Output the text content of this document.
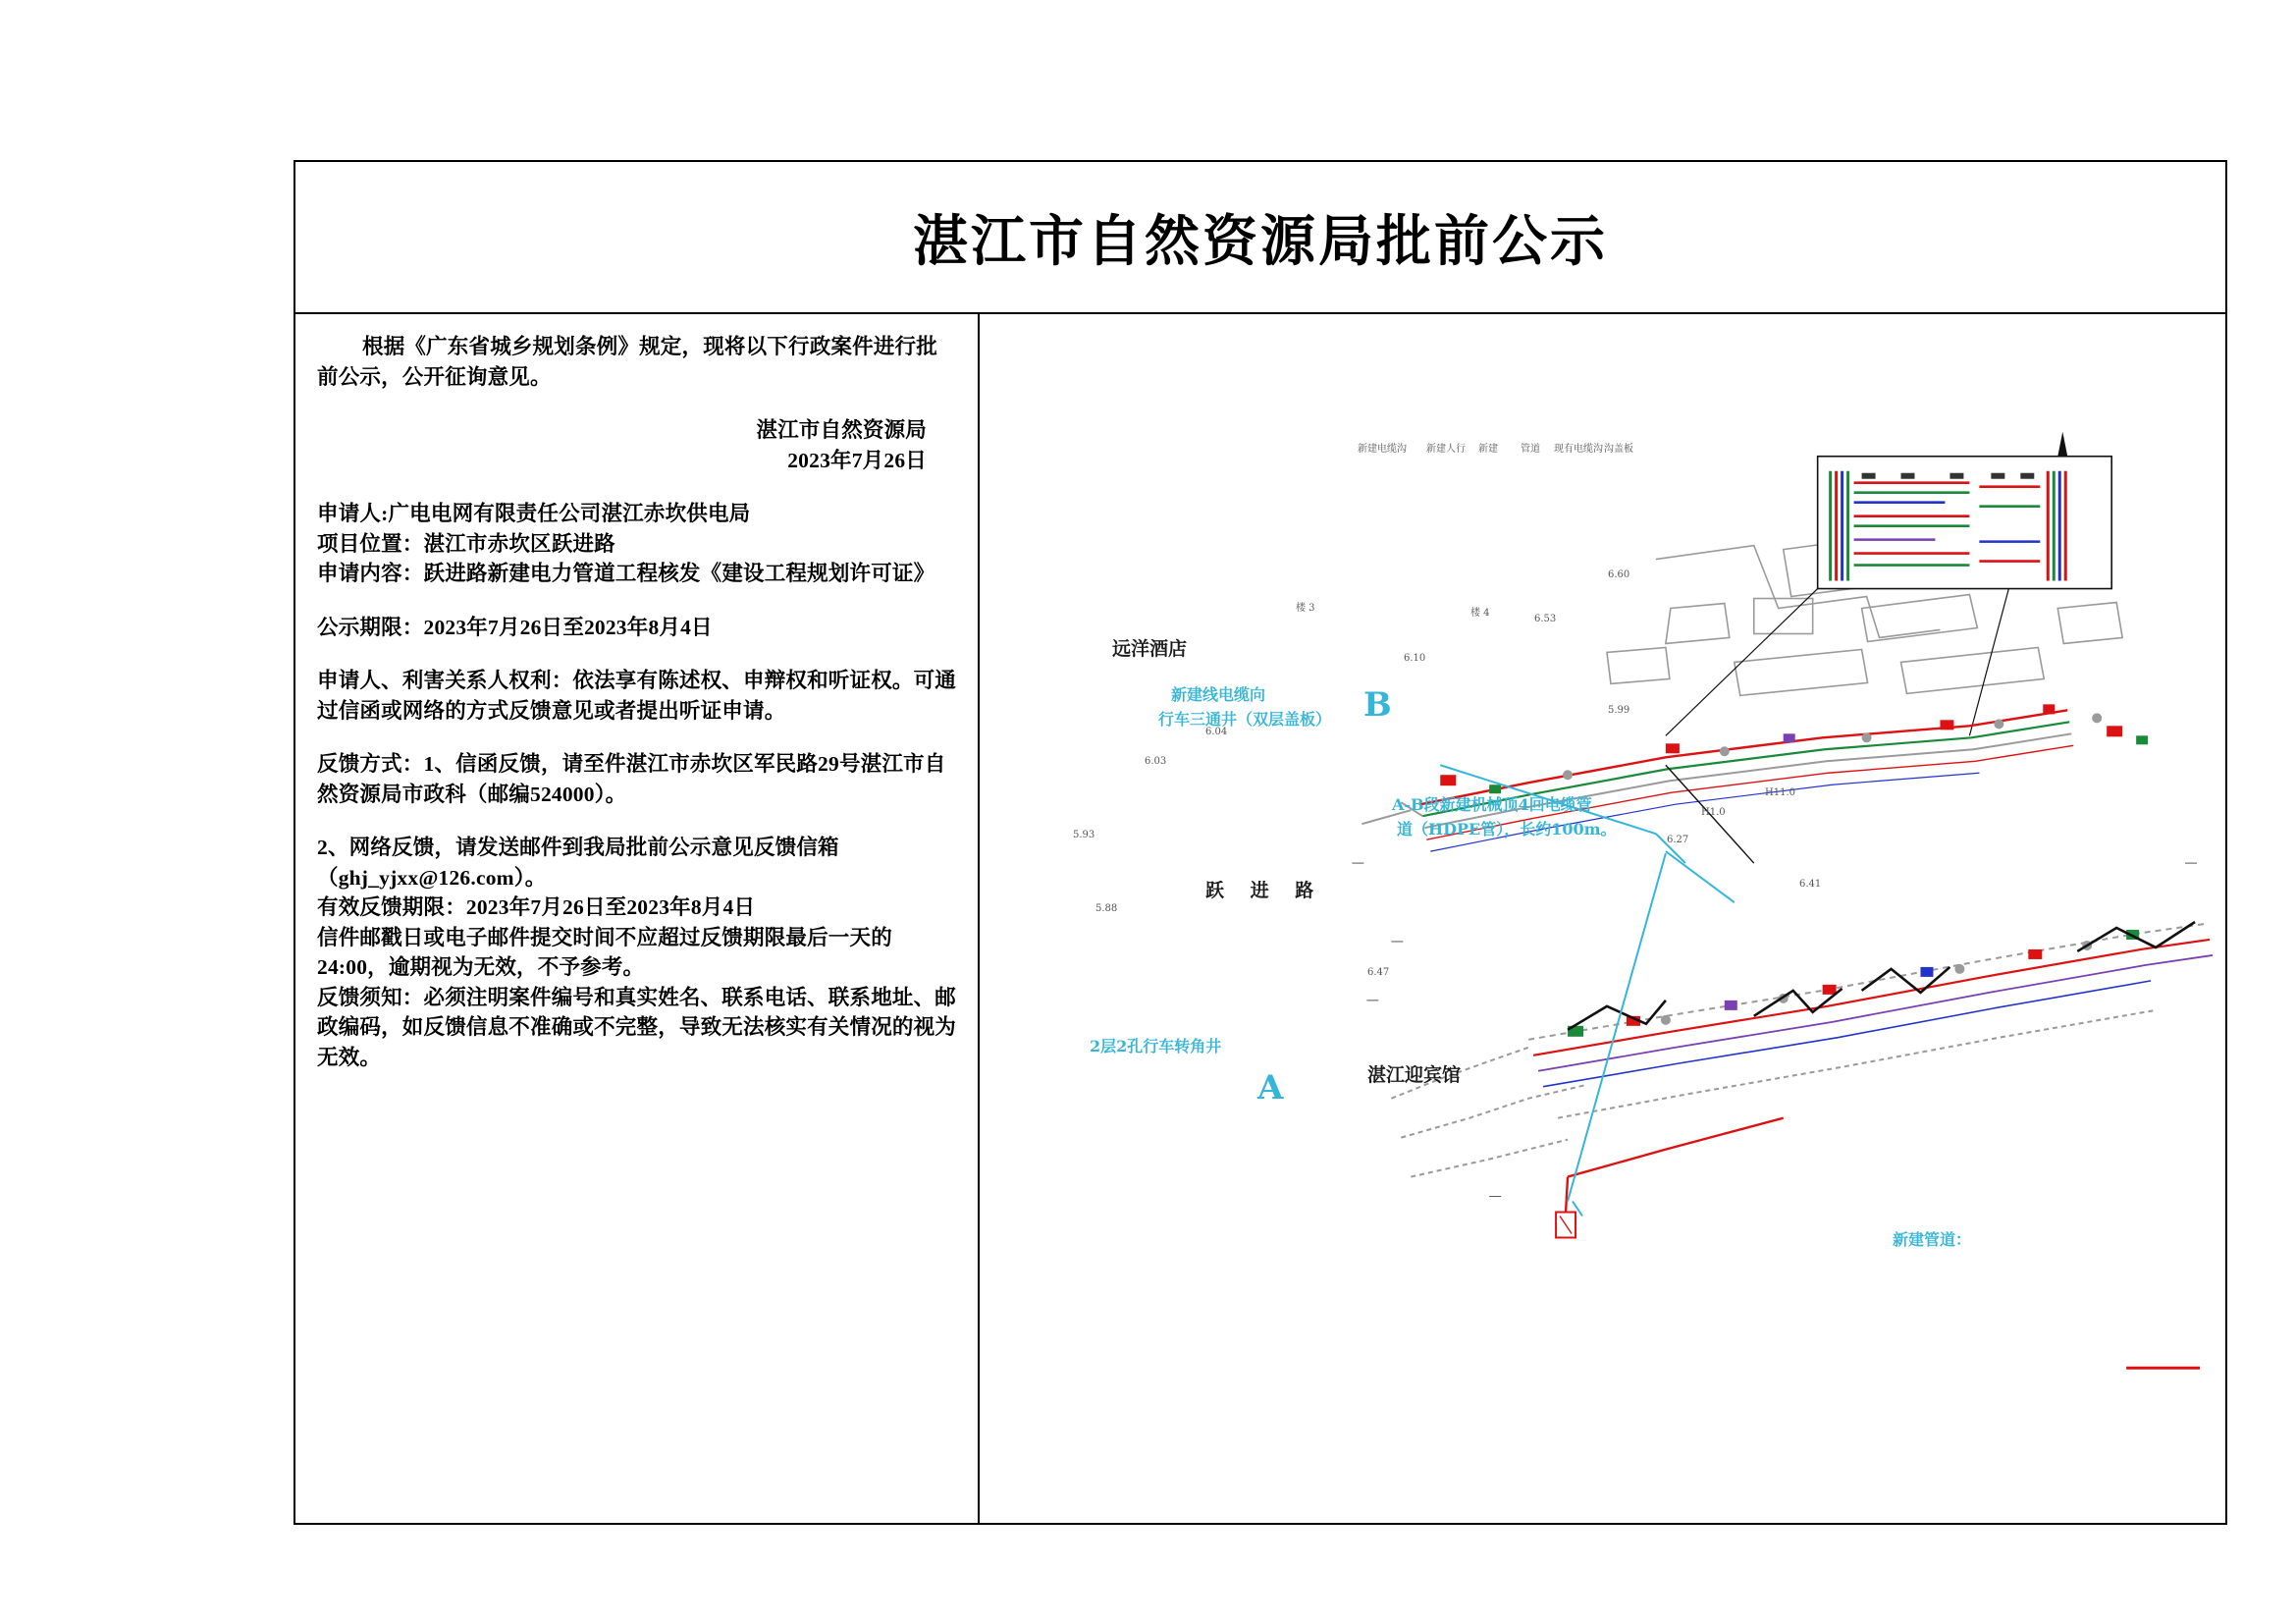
湛江市自然资源局批前公示

根据《广东省城乡规划条例》规定，现将以下行政案件进行批前公示，公开征询意见。

湛江市自然资源局

2023年7月26日

申请人:广电电网有限责任公司湛江赤坎供电局

项目位置：湛江市赤坎区跃进路

申请内容：跃进路新建电力管道工程核发《建设工程规划许可证》

公示期限：2023年7月26日至2023年8月4日

申请人、利害关系人权利：依法享有陈述权、申辩权和听证权。可通过信函或网络的方式反馈意见或者提出听证申请。

反馈方式：1、信函反馈，请至件湛江市赤坎区军民路29号湛江市自然资源局市政科（邮编524000）。

2、网络反馈，请发送邮件到我局批前公示意见反馈信箱（ghj_yjxx@126.com）。

有效反馈期限：2023年7月26日至2023年8月4日

信件邮戳日或电子邮件提交时间不应超过反馈期限最后一天的24:00，逾期视为无效，不予参考。

反馈须知：必须注明案件编号和真实姓名、联系电话、联系地址、邮政编码，如反馈信息不准确或不完整，导致无法核实有关情况的视为无效。

远洋酒店
跃 进 路
湛江迎宾馆
新建线电缆向
行车三通井（双层盖板）
A-B段新建机械顶4回电缆管
道（HDPE管），长约100m。
2层2孔行车转角井
A
B
新建管道：
新建电缆沟 新建人行 新建 管道 现有电缆沟 沟盖板
楼 3	楼 4
6.03
5.99
6.10
5.93
5.88
6.04
6.27
6.41
6.47
6.53
6.60
H1.0
H11.0
